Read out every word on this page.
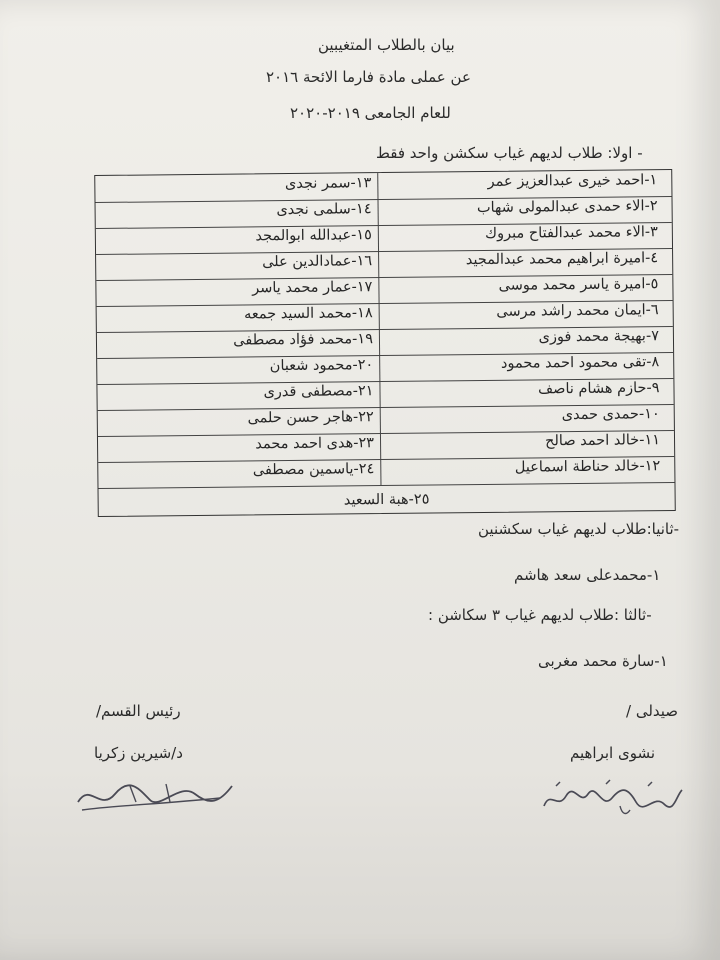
بيان بالطلاب المتغيبين
عن عملى مادة فارما الائحة ٢٠١٦
للعام الجامعى ٢٠١٩-٢٠٢٠
- اولا: طلاب لديهم غياب سكشن واحد فقط
١-احمد خيرى عبدالعزيز عمر
١٣-سمر نجدى
٢-الاء حمدى عبدالمولى شهاب
١٤-سلمى نجدى
٣-الاء محمد عبدالفتاح مبروك
١٥-عبدالله ابوالمجد
٤-اميرة ابراهيم محمد عبدالمجيد
١٦-عمادالدين على
٥-اميرة ياسر محمد موسى
١٧-عمار محمد ياسر
٦-ايمان محمد راشد مرسى
١٨-محمد السيد جمعه
٧-بهيجة محمد فوزى
١٩-محمد فؤاد مصطفى
٨-تقى محمود احمد محمود
٢٠-محمود شعبان
٩-حازم هشام ناصف
٢١-مصطفى قدرى
١٠-حمدى حمدى
٢٢-هاجر حسن حلمى
١١-خالد احمد صالح
٢٣-هدى احمد محمد
١٢-خالد حناطة اسماعيل
٢٤-ياسمين مصطفى
٢٥-هبة السعيد
-ثانيا:طلاب لديهم غياب سكشنين
١-محمدعلى سعد هاشم
-ثالثا :طلاب لديهم غياب ٣ سكاشن :
١-سارة محمد مغربى
صيدلى /
رئيس القسم/
نشوى ابراهيم
د/شيرين زكريا
